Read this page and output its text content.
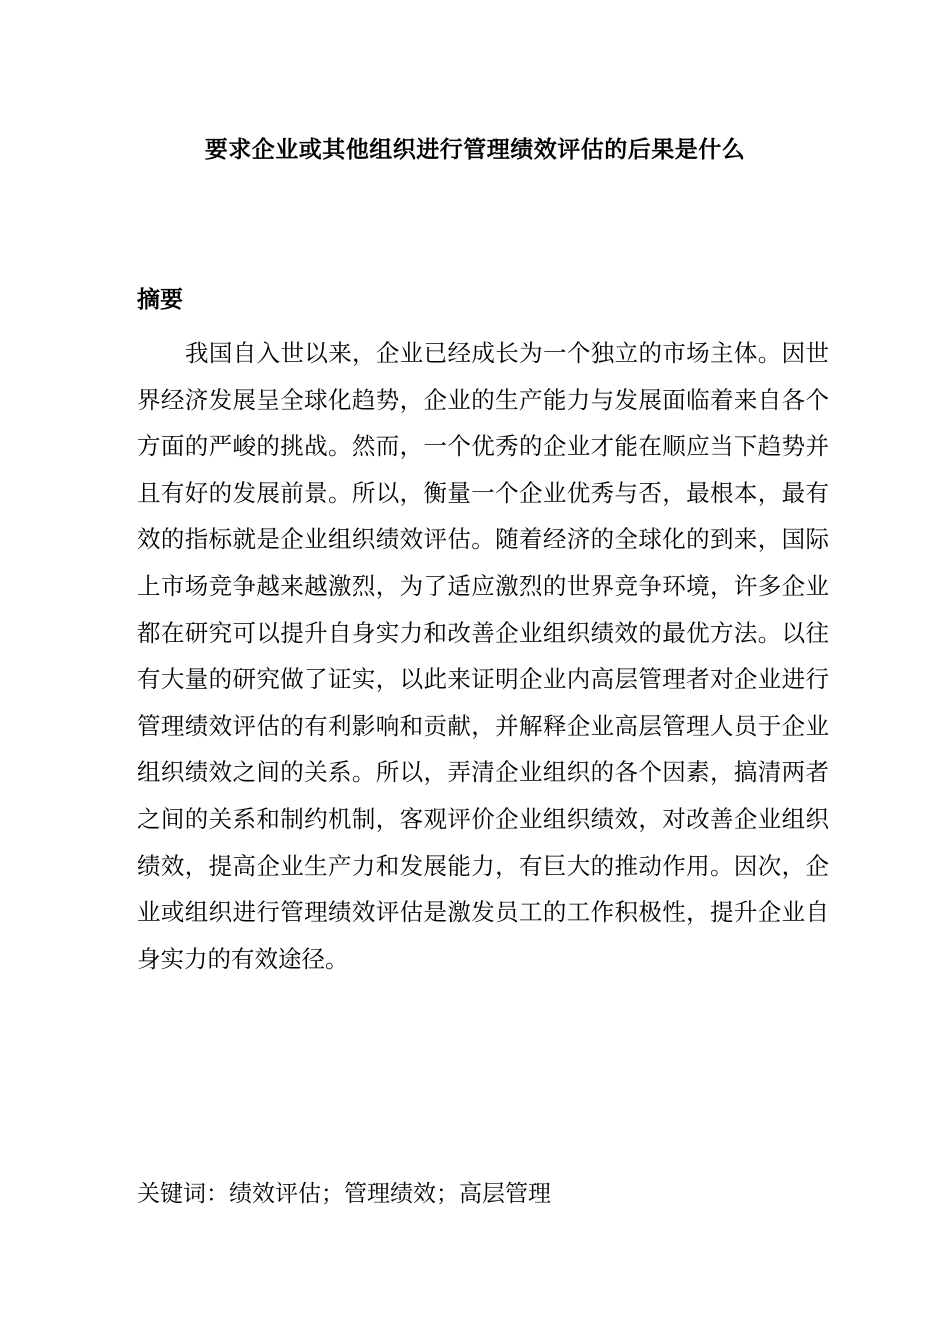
要求企业或其他组织进行管理绩效评估的后果是什么
摘要

我国自入世以来，企业已经成长为一个独立的市场主体。因世界经济发展呈全球化趋势，企业的生产能力与发展面临着来自各个方面的严峻的挑战。然而，一个优秀的企业才能在顺应当下趋势并且有好的发展前景。所以，衡量一个企业优秀与否，最根本，最有效的指标就是企业组织绩效评估。随着经济的全球化的到来，国际上市场竞争越来越激烈，为了适应激烈的世界竞争环境，许多企业都在研究可以提升自身实力和改善企业组织绩效的最优方法。以往有大量的研究做了证实，以此来证明企业内高层管理者对企业进行管理绩效评估的有利影响和贡献，并解释企业高层管理人员于企业组织绩效之间的关系。所以，弄清企业组织的各个因素，搞清两者之间的关系和制约机制，客观评价企业组织绩效，对改善企业组织绩效，提高企业生产力和发展能力，有巨大的推动作用。因次，企业或组织进行管理绩效评估是激发员工的工作积极性，提升企业自身实力的有效途径。

关键词：绩效评估；管理绩效；高层管理
